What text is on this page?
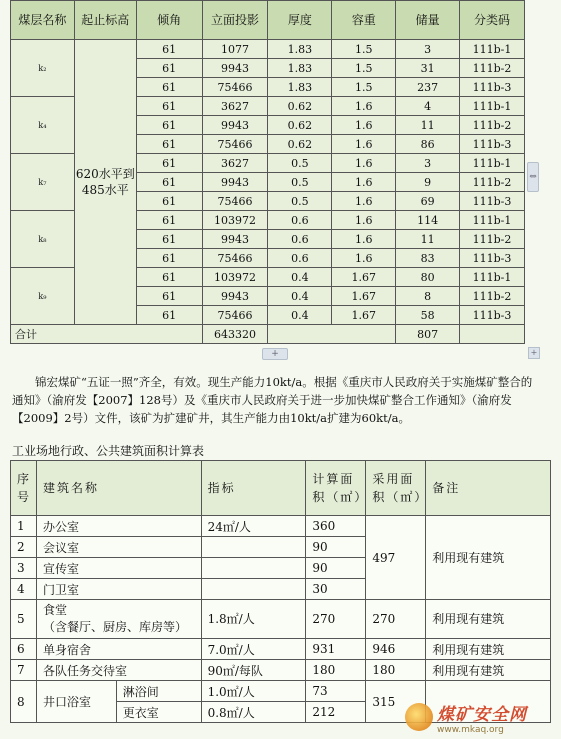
煤层名称	起止标高	倾角	立面投影	厚度	容重	储量	分类码
k₂	620水平到485水平	61	1077	1.83	1.5	3	111b-1
		61	9943	1.83	1.5	31	111b-2
		61	75466	1.83	1.5	237	111b-3
k₄		61	3627	0.62	1.6	4	111b-1
		61	9943	0.62	1.6	11	111b-2
		61	75466	0.62	1.6	86	111b-3
k₇		61	3627	0.5	1.6	3	111b-1
		61	9943	0.5	1.6	9	111b-2
		61	75466	0.5	1.6	69	111b-3
k₈		61	103972	0.6	1.6	114	111b-1
		61	9943	0.6	1.6	11	111b-2
		61	75466	0.6	1.6	83	111b-3
k₉		61	103972	0.4	1.67	80	111b-1
		61	9943	0.4	1.67	8	111b-2
		61	75466	0.4	1.67	58	111b-3
合计			643320			807	
⇔
+	+

锦宏煤矿“五证一照”齐全，有效。现生产能力10kt/a。根据《重庆市人民政府关于实施煤矿整合的通知》（渝府发【2007】128号）及《重庆市人民政府关于进一步加快煤矿整合工作通知》（渝府发【2009】2号）文件，该矿为扩建矿井，其生产能力由10kt/a扩建为60kt/a。

工业场地行政、公共建筑面积计算表
序号	建筑名称		指标	计算面积（㎡）	采用面积（㎡）	备注
1	办公室		24㎡/人	360	497	利用现有建筑
2	会议室			90		
3	宣传室			90		
4	门卫室			30		
5	食堂
（含餐厅、厨房、库房等）		1.8㎡/人	270	270	利用现有建筑
6	单身宿舍		7.0㎡/人	931	946	利用现有建筑
7	各队任务交待室		90㎡/每队	180	180	利用现有建筑
8	井口浴室	淋浴间	1.0㎡/人	73	315	
		更衣室	0.8㎡/人	212			煤矿安全网
www.mkaq.org
